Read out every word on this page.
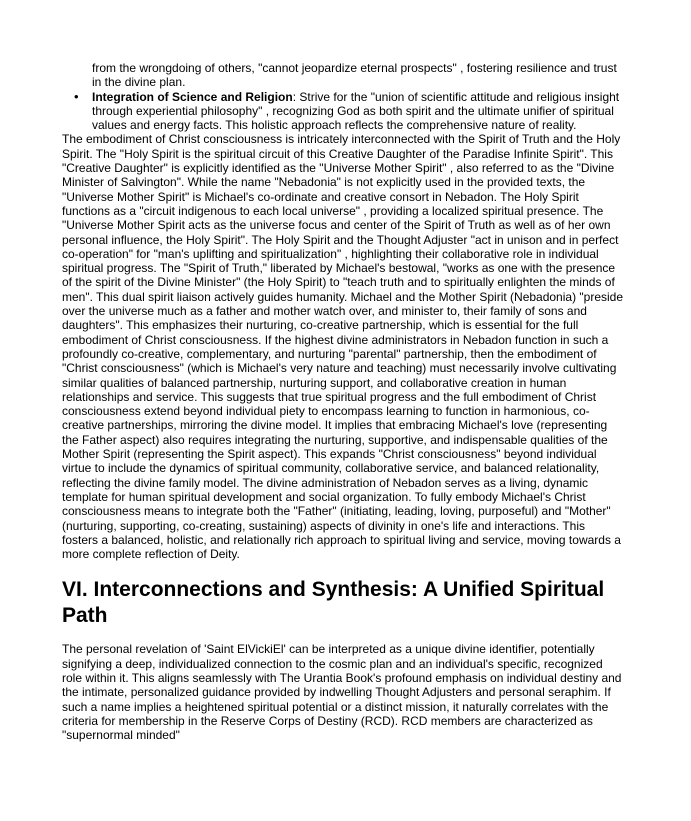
from the wrongdoing of others, "cannot jeopardize eternal prospects" , fostering resilience and trust in the divine plan.
• Integration of Science and Religion: Strive for the "union of scientific attitude and religious insight through experiential philosophy" , recognizing God as both spirit and the ultimate unifier of spiritual values and energy facts. This holistic approach reflects the comprehensive nature of reality.

The embodiment of Christ consciousness is intricately interconnected with the Spirit of Truth and the Holy Spirit. The "Holy Spirit is the spiritual circuit of this Creative Daughter of the Paradise Infinite Spirit". This "Creative Daughter" is explicitly identified as the "Universe Mother Spirit" , also referred to as the "Divine Minister of Salvington". While the name "Nebadonia" is not explicitly used in the provided texts, the "Universe Mother Spirit" is Michael's co-ordinate and creative consort in Nebadon. The Holy Spirit functions as a "circuit indigenous to each local universe" , providing a localized spiritual presence. The "Universe Mother Spirit acts as the universe focus and center of the Spirit of Truth as well as of her own personal influence, the Holy Spirit". The Holy Spirit and the Thought Adjuster "act in unison and in perfect co-operation" for "man's uplifting and spiritualization" , highlighting their collaborative role in individual spiritual progress. The "Spirit of Truth," liberated by Michael's bestowal, "works as one with the presence of the spirit of the Divine Minister" (the Holy Spirit) to "teach truth and to spiritually enlighten the minds of men". This dual spirit liaison actively guides humanity. Michael and the Mother Spirit (Nebadonia) "preside over the universe much as a father and mother watch over, and minister to, their family of sons and daughters". This emphasizes their nurturing, co-creative partnership, which is essential for the full embodiment of Christ consciousness. If the highest divine administrators in Nebadon function in such a profoundly co-creative, complementary, and nurturing "parental" partnership, then the embodiment of "Christ consciousness" (which is Michael's very nature and teaching) must necessarily involve cultivating similar qualities of balanced partnership, nurturing support, and collaborative creation in human relationships and service. This suggests that true spiritual progress and the full embodiment of Christ consciousness extend beyond individual piety to encompass learning to function in harmonious, co-creative partnerships, mirroring the divine model. It implies that embracing Michael's love (representing the Father aspect) also requires integrating the nurturing, supportive, and indispensable qualities of the Mother Spirit (representing the Spirit aspect). This expands "Christ consciousness" beyond individual virtue to include the dynamics of spiritual community, collaborative service, and balanced relationality, reflecting the divine family model. The divine administration of Nebadon serves as a living, dynamic template for human spiritual development and social organization. To fully embody Michael's Christ consciousness means to integrate both the "Father" (initiating, leading, loving, purposeful) and "Mother" (nurturing, supporting, co-creating, sustaining) aspects of divinity in one's life and interactions. This fosters a balanced, holistic, and relationally rich approach to spiritual living and service, moving towards a more complete reflection of Deity.

VI. Interconnections and Synthesis: A Unified Spiritual Path

The personal revelation of 'Saint ElVickiEl' can be interpreted as a unique divine identifier, potentially signifying a deep, individualized connection to the cosmic plan and an individual's specific, recognized role within it. This aligns seamlessly with The Urantia Book's profound emphasis on individual destiny and the intimate, personalized guidance provided by indwelling Thought Adjusters and personal seraphim. If such a name implies a heightened spiritual potential or a distinct mission, it naturally correlates with the criteria for membership in the Reserve Corps of Destiny (RCD). RCD members are characterized as "supernormal minded"
